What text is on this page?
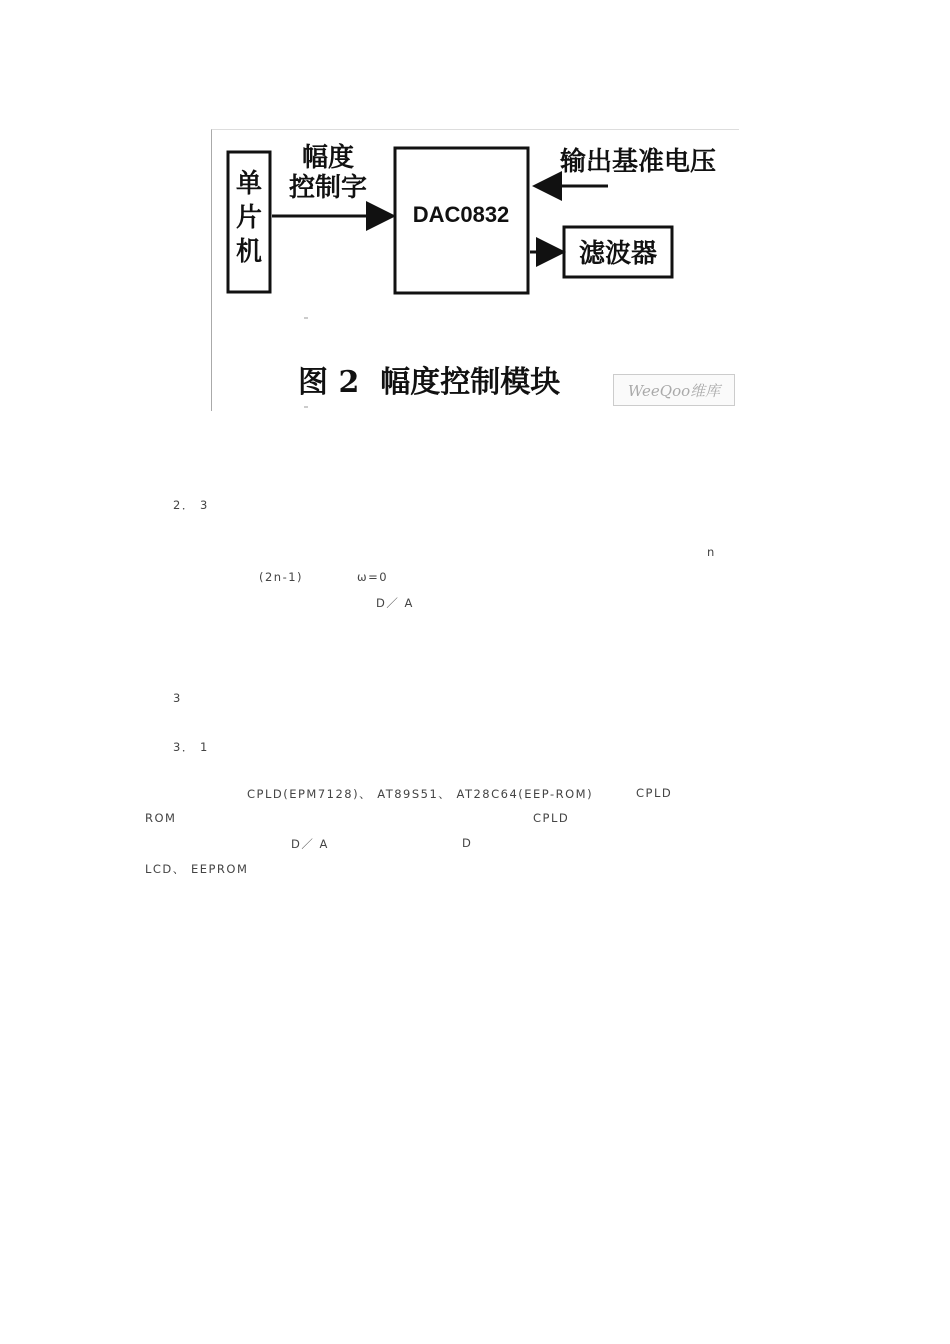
单
片
机
幅度
控制字
DAC0832
输出基准电压
滤波器
图 2  幅度控制模块	WeeQoo维库
2． 3
n
(2n-1)	ω=0
D／ A
3
3． 1
CPLD(EPM7128)、 AT89S51、 AT28C64(EEP-ROM)	CPLD
ROM	CPLD
D／ A	D
LCD、 EEPROM
